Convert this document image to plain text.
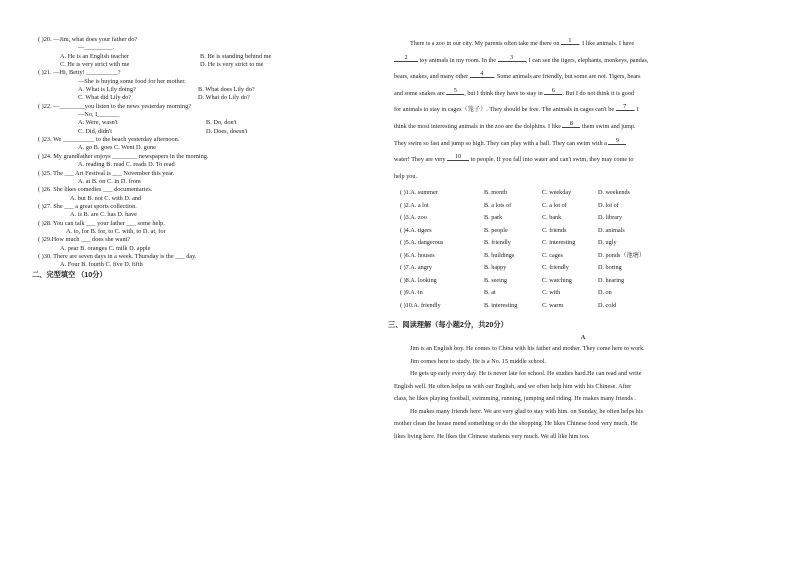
( )20. —Jim, what does your father do?
—_________.
A. He is an English teacher	B. He is standing behind me
C. He is very strict with me	D. He is very strict to me
( )21. —Hi, Betty! __________?
—She is buying some food for her mother.
A. What is Lily doing?	B. What does Lily do?
C. What did Lily do?	D. What do Lily do?
( )22. —________you listen to the news yesterday morning?
—No, I_______
A. Were, wasn't	B. Do, don't
C. Did, didn't	D. Does, doesn't
( )23. We __________ to the beach yesterday afternoon.
A. go B. goes C. Went D. gone
( )24. My grandfather enjoys ________ newspapers in the morning.
A. reading B. read C. reads D. To read
( )25. The ___ Art Festival is ___ November this year.
A. at B. on C. in D. from
( )26. She likes comedies ___ documentaries.
A. but B. not C. with D. and
( )27. She ___ a great sports collection.
A. is B. are C. has D. have
( )28. You can talk ___ your father ___ some help.
A. to, for B. for, to C. with, to D. at, for
( )29.How much ___ does she want?
A. pear B. oranges C. milk D. apple
( )30. There are seven days in a week. Thursday is the ___ day.
A. Four B. fourth C. five D. fifth
二、完型填空 （10分）
There is a zoo in our city. My parents often take me there on 1 . I like animals. I have
2 toy animals in my room. In the 3 , I can see the tigers, elephants, monkeys, pandas,
bears, snakes, and many other 4 . Some animals are friendly, but some are not. Tigers, bears
and some snakes are 5 , but I think they have to stay in 6 . But I do not think it is good
for animals to stay in cages（笼子）. They should be free. The animals in cages can't be 7 . I
think the most interesting animals in the zoo are the dolphins. I like 8 them swim and jump.
They swim so fast and jump so high. They can play with a ball. They can swim with a 9
water! They are very 10 to people. If you fall into water and can't swim, they may come to
help you.
( )1.A. summer	B. month	C. weekday	D. weekends
( )2.A. a lot	B. a lots of	C. a lot of	D. lot of
( )3.A. zoo	B. park	C. bank	D. library
( )4.A. tigers	B. people	C. friends	D. animals
( )5.A. dangerous	B. friendly	C. interesting	D. ugly
( )6.A. houses	B. buildings	C. cages	D. ponds（池塘）
( )7.A. angry	B. happy	C. friendly	D. boring
( )8.A. looking	B. seeing	C. watching	D. hearing
( )9.A. in	B. at	C. with	D. on
( )10.A. friendly	B. interesting	C. warm	D. cold
三、阅读理解（每小题2分，共20分）
A
Jim is an English boy. He comes to China with his father and mother. They come here to work.
Jim comes here to study. He is a No. 15 middle school.
He gets up early every day. He is never late for school. He studies hard.He can read and write
English well. He often helps us with our English, and we often help him with his Chinese. After
class, he likes playing football, swimming, running, jumping and riding. He makes many friends .
He makes many friends here. We are very glad to stay with him. on Sunday, he often helps his
mother clean the house mend something or do the shopping. He likes Chinese food very much. He
likes living here. He likes the Chinese students very much. We all like him too.
